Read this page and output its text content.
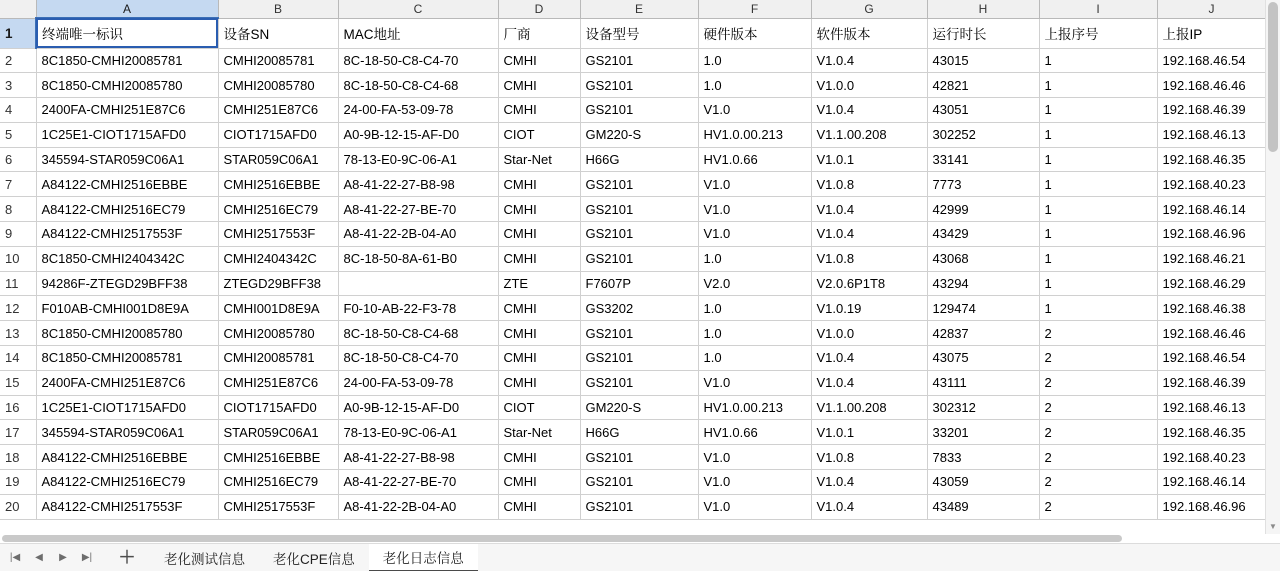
	A	B	C	D	E	F	G	H	I	J
1	终端唯一标识	设备SN	MAC地址	厂商	设备型号	硬件版本	软件版本	运行时长	上报序号	上报IP
2	8C1850-CMHI20085781	CMHI20085781	8C-18-50-C8-C4-70	CMHI	GS2101	1.0	V1.0.4	43015	1	192.168.46.54
3	8C1850-CMHI20085780	CMHI20085780	8C-18-50-C8-C4-68	CMHI	GS2101	1.0	V1.0.0	42821	1	192.168.46.46
4	2400FA-CMHI251E87C6	CMHI251E87C6	24-00-FA-53-09-78	CMHI	GS2101	V1.0	V1.0.4	43051	1	192.168.46.39
5	1C25E1-CIOT1715AFD0	CIOT1715AFD0	A0-9B-12-15-AF-D0	CIOT	GM220-S	HV1.0.00.213	V1.1.00.208	302252	1	192.168.46.13
6	345594-STAR059C06A1	STAR059C06A1	78-13-E0-9C-06-A1	Star-Net	H66G	HV1.0.66	V1.0.1	33141	1	192.168.46.35
7	A84122-CMHI2516EBBE	CMHI2516EBBE	A8-41-22-27-B8-98	CMHI	GS2101	V1.0	V1.0.8	7773	1	192.168.40.23
8	A84122-CMHI2516EC79	CMHI2516EC79	A8-41-22-27-BE-70	CMHI	GS2101	V1.0	V1.0.4	42999	1	192.168.46.14
9	A84122-CMHI2517553F	CMHI2517553F	A8-41-22-2B-04-A0	CMHI	GS2101	V1.0	V1.0.4	43429	1	192.168.46.96
10	8C1850-CMHI2404342C	CMHI2404342C	8C-18-50-8A-61-B0	CMHI	GS2101	1.0	V1.0.8	43068	1	192.168.46.21
11	94286F-ZTEGD29BFF38	ZTEGD29BFF38		ZTE	F7607P	V2.0	V2.0.6P1T8	43294	1	192.168.46.29
12	F010AB-CMHI001D8E9A	CMHI001D8E9A	F0-10-AB-22-F3-78	CMHI	GS3202	1.0	V1.0.19	129474	1	192.168.46.38
13	8C1850-CMHI20085780	CMHI20085780	8C-18-50-C8-C4-68	CMHI	GS2101	1.0	V1.0.0	42837	2	192.168.46.46
14	8C1850-CMHI20085781	CMHI20085781	8C-18-50-C8-C4-70	CMHI	GS2101	1.0	V1.0.4	43075	2	192.168.46.54
15	2400FA-CMHI251E87C6	CMHI251E87C6	24-00-FA-53-09-78	CMHI	GS2101	V1.0	V1.0.4	43111	2	192.168.46.39
16	1C25E1-CIOT1715AFD0	CIOT1715AFD0	A0-9B-12-15-AF-D0	CIOT	GM220-S	HV1.0.00.213	V1.1.00.208	302312	2	192.168.46.13
17	345594-STAR059C06A1	STAR059C06A1	78-13-E0-9C-06-A1	Star-Net	H66G	HV1.0.66	V1.0.1	33201	2	192.168.46.35
18	A84122-CMHI2516EBBE	CMHI2516EBBE	A8-41-22-27-B8-98	CMHI	GS2101	V1.0	V1.0.8	7833	2	192.168.40.23
19	A84122-CMHI2516EC79	CMHI2516EC79	A8-41-22-27-BE-70	CMHI	GS2101	V1.0	V1.0.4	43059	2	192.168.46.14
20	A84122-CMHI2517553F	CMHI2517553F	A8-41-22-2B-04-A0	CMHI	GS2101	V1.0	V1.0.4	43489	2	192.168.46.96
▼
|◀	◀	▶	▶|	＋	老化测试信息	老化CPE信息	老化日志信息
